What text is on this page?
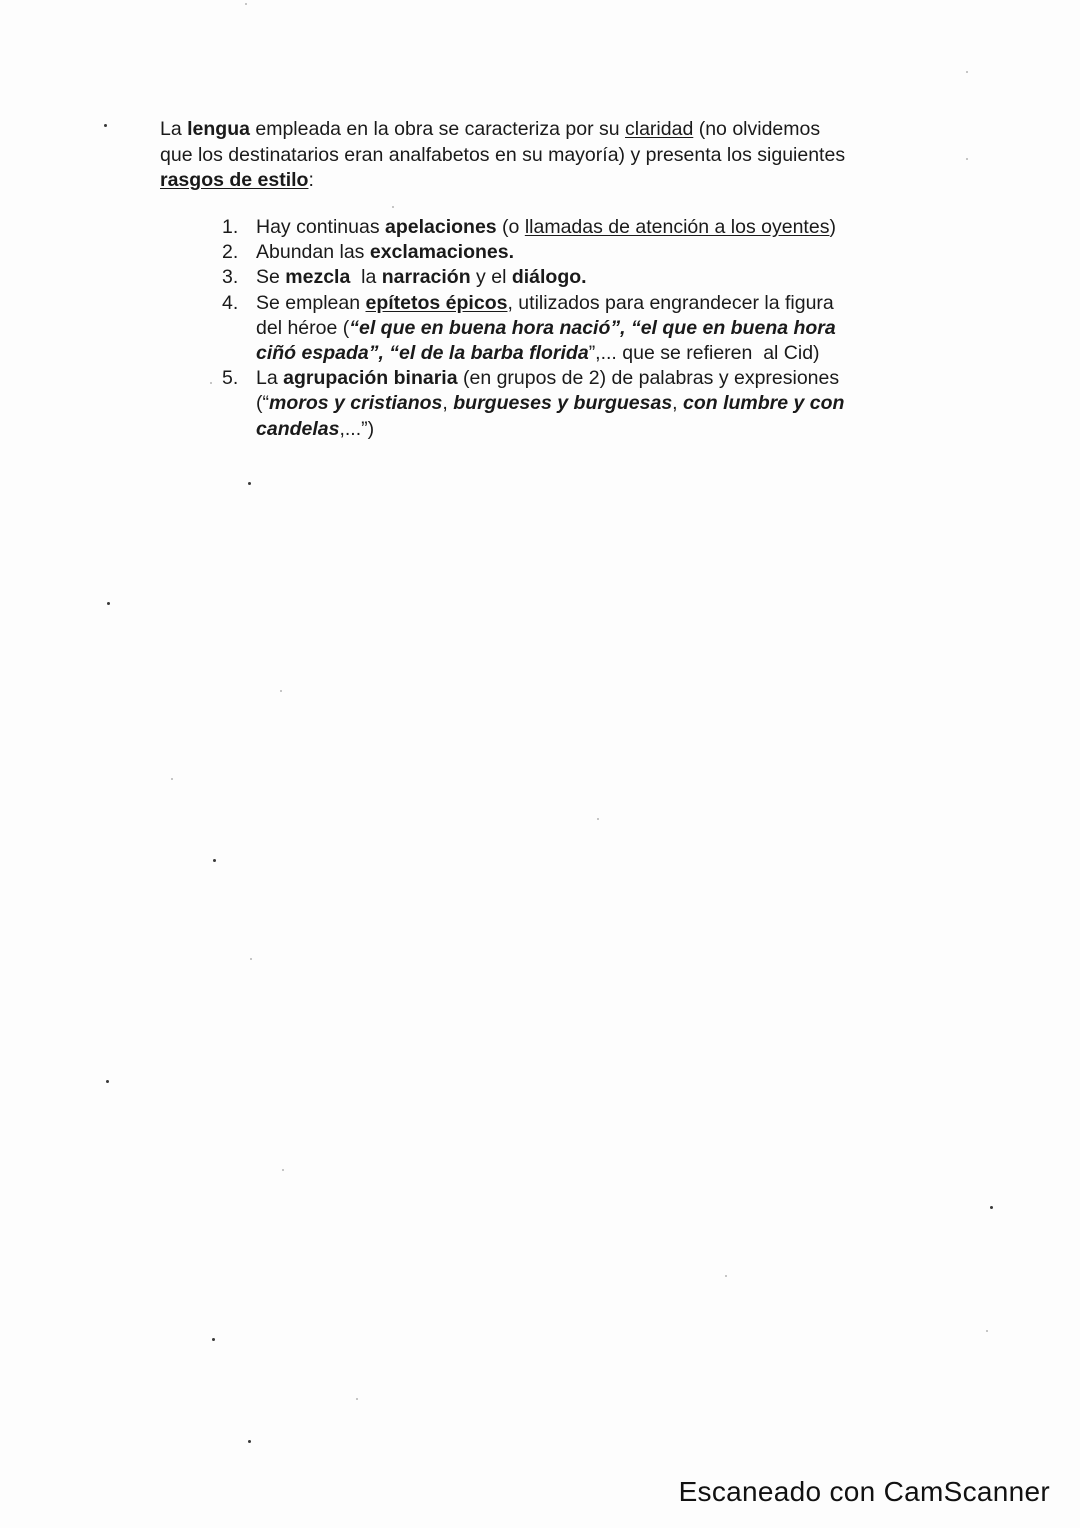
La lengua empleada en la obra se caracteriza por su claridad (no olvidemos
que los destinatarios eran analfabetos en su mayoría) y presenta los siguientes
rasgos de estilo:
1. Hay continuas apelaciones (o llamadas de atención a los oyentes)
2. Abundan las exclamaciones.
3. Se mezcla  la narración y el diálogo.
4. Se emplean epítetos épicos, utilizados para engrandecer la figura
del héroe (“el que en buena hora nació”, “el que en buena hora
ciñó espada”, “el de la barba florida”,... que se refieren  al Cid)
5. La agrupación binaria (en grupos de 2) de palabras y expresiones
(“moros y cristianos, burgueses y burguesas, con lumbre y con
candelas,...”)
Escaneado con CamScanner
